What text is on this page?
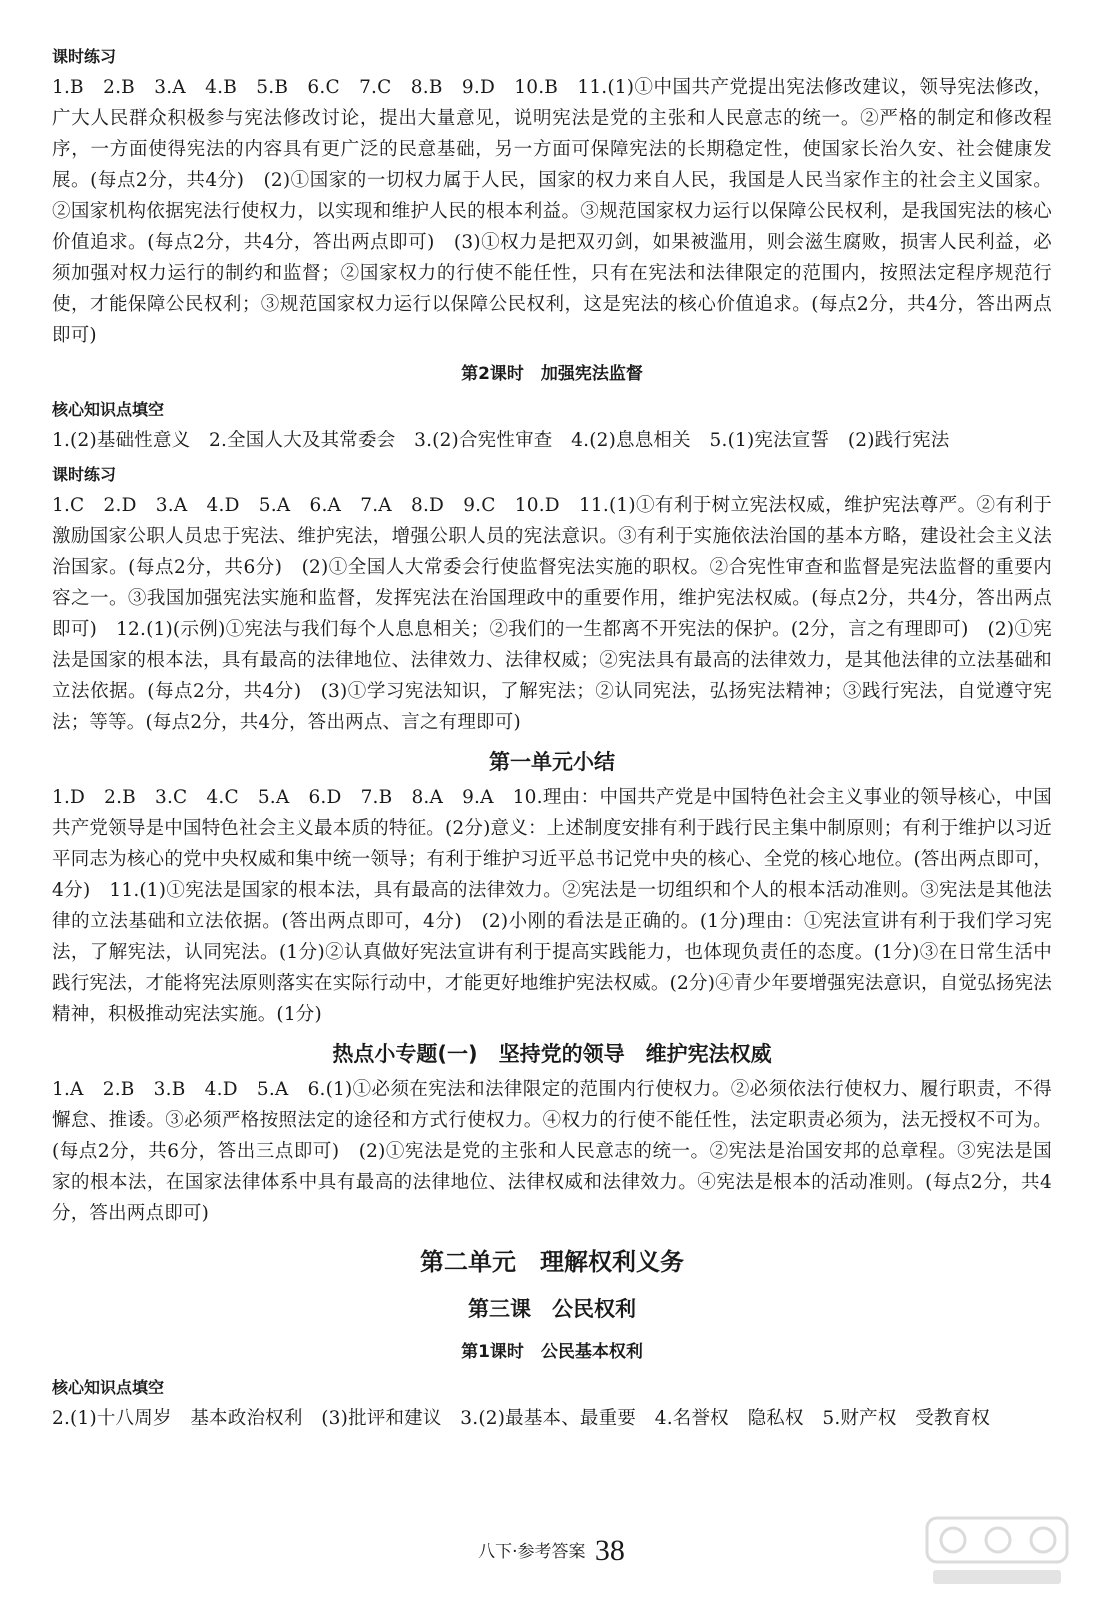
课时练习

1.B　2.B　3.A　4.B　5.B　6.C　7.C　8.B　9.D　10.B　11.(1)①中国共产党提出宪法修改建议，领导宪法修改，广大人民群众积极参与宪法修改讨论，提出大量意见，说明宪法是党的主张和人民意志的统一。②严格的制定和修改程序，一方面使得宪法的内容具有更广泛的民意基础，另一方面可保障宪法的长期稳定性，使国家长治久安、社会健康发展。(每点2分，共4分)　(2)①国家的一切权力属于人民，国家的权力来自人民，我国是人民当家作主的社会主义国家。②国家机构依据宪法行使权力，以实现和维护人民的根本利益。③规范国家权力运行以保障公民权利，是我国宪法的核心价值追求。(每点2分，共4分，答出两点即可)　(3)①权力是把双刃剑，如果被滥用，则会滋生腐败，损害人民利益，必须加强对权力运行的制约和监督；②国家权力的行使不能任性，只有在宪法和法律限定的范围内，按照法定程序规范行使，才能保障公民权利；③规范国家权力运行以保障公民权利，这是宪法的核心价值追求。(每点2分，共4分，答出两点即可)

第2课时　加强宪法监督
核心知识点填空

1.(2)基础性意义　2.全国人大及其常委会　3.(2)合宪性审查　4.(2)息息相关　5.(1)宪法宣誓　(2)践行宪法

课时练习

1.C　2.D　3.A　4.D　5.A　6.A　7.A　8.D　9.C　10.D　11.(1)①有利于树立宪法权威，维护宪法尊严。②有利于激励国家公职人员忠于宪法、维护宪法，增强公职人员的宪法意识。③有利于实施依法治国的基本方略，建设社会主义法治国家。(每点2分，共6分)　(2)①全国人大常委会行使监督宪法实施的职权。②合宪性审查和监督是宪法监督的重要内容之一。③我国加强宪法实施和监督，发挥宪法在治国理政中的重要作用，维护宪法权威。(每点2分，共4分，答出两点即可)　12.(1)(示例)①宪法与我们每个人息息相关；②我们的一生都离不开宪法的保护。(2分，言之有理即可)　(2)①宪法是国家的根本法，具有最高的法律地位、法律效力、法律权威；②宪法具有最高的法律效力，是其他法律的立法基础和立法依据。(每点2分，共4分)　(3)①学习宪法知识，了解宪法；②认同宪法，弘扬宪法精神；③践行宪法，自觉遵守宪法；等等。(每点2分，共4分，答出两点、言之有理即可)

第一单元小结

1.D　2.B　3.C　4.C　5.A　6.D　7.B　8.A　9.A　10.理由：中国共产党是中国特色社会主义事业的领导核心，中国共产党领导是中国特色社会主义最本质的特征。(2分)意义：上述制度安排有利于践行民主集中制原则；有利于维护以习近平同志为核心的党中央权威和集中统一领导；有利于维护习近平总书记党中央的核心、全党的核心地位。(答出两点即可，4分)　11.(1)①宪法是国家的根本法，具有最高的法律效力。②宪法是一切组织和个人的根本活动准则。③宪法是其他法律的立法基础和立法依据。(答出两点即可，4分)　(2)小刚的看法是正确的。(1分)理由：①宪法宣讲有利于我们学习宪法，了解宪法，认同宪法。(1分)②认真做好宪法宣讲有利于提高实践能力，也体现负责任的态度。(1分)③在日常生活中践行宪法，才能将宪法原则落实在实际行动中，才能更好地维护宪法权威。(2分)④青少年要增强宪法意识，自觉弘扬宪法精神，积极推动宪法实施。(1分)

热点小专题(一)　坚持党的领导　维护宪法权威

1.A　2.B　3.B　4.D　5.A　6.(1)①必须在宪法和法律限定的范围内行使权力。②必须依法行使权力、履行职责，不得懈怠、推诿。③必须严格按照法定的途径和方式行使权力。④权力的行使不能任性，法定职责必须为，法无授权不可为。(每点2分，共6分，答出三点即可)　(2)①宪法是党的主张和人民意志的统一。②宪法是治国安邦的总章程。③宪法是国家的根本法，在国家法律体系中具有最高的法律地位、法律权威和法律效力。④宪法是根本的活动准则。(每点2分，共4分，答出两点即可)

第二单元　理解权利义务
第三课　公民权利
第1课时　公民基本权利
核心知识点填空

2.(1)十八周岁　基本政治权利　(3)批评和建议　3.(2)最基本、最重要　4.名誉权　隐私权　5.财产权　受教育权

八下·参考答案 38
